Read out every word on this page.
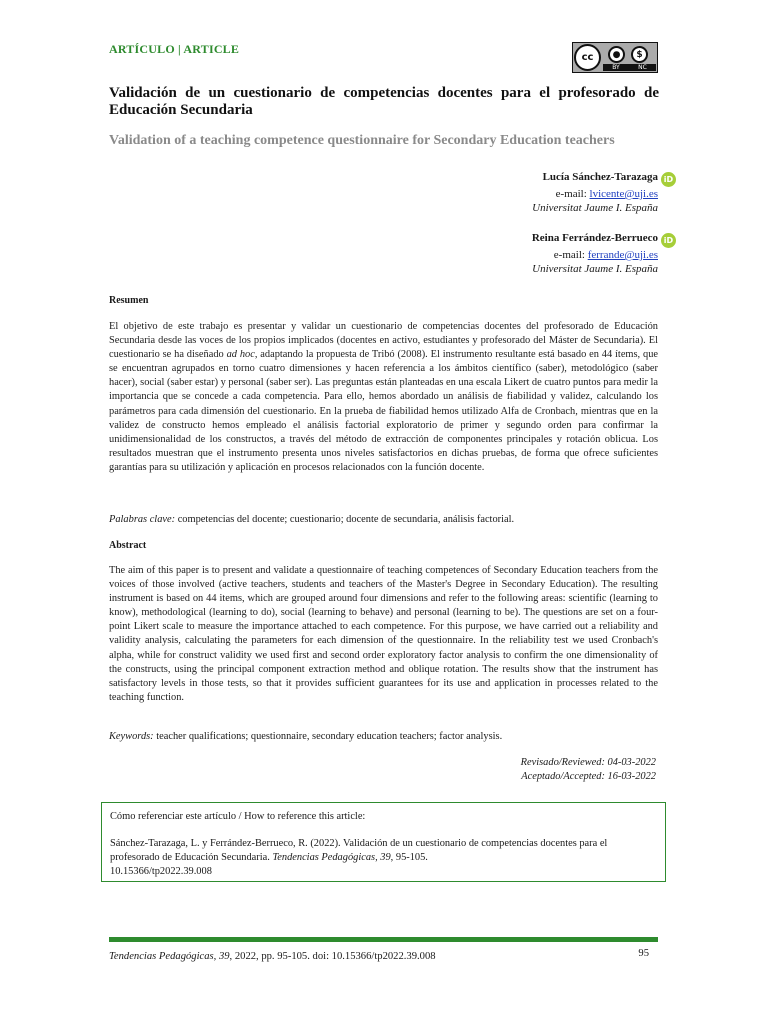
ARTÍCULO | ARTICLE
cc	●	$
BY	NC
Validación de un cuestionario de competencias docentes para el profesorado de Educación Secundaria
Validation of a teaching competence questionnaire for Secondary Education teachers
Lucía Sánchez-Tarazaga iD
e-mail: lvicente@uji.es
Universitat Jaume I. España
Reina Ferrández-Berrueco iD
e-mail: ferrande@uji.es
Universitat Jaume I. España
Resumen
El objetivo de este trabajo es presentar y validar un cuestionario de competencias docentes del profesorado de Educación Secundaria desde las voces de los propios implicados (docentes en activo, estudiantes y profesorado del Máster de Secundaria). El cuestionario se ha diseñado ad hoc, adaptando la propuesta de Tribó (2008). El instrumento resultante está basado en 44 ítems, que se encuentran agrupados en torno cuatro dimensiones y hacen referencia a los ámbitos científico (saber), metodológico (saber hacer), social (saber estar) y personal (saber ser). Las preguntas están planteadas en una escala Likert de cuatro puntos para medir la importancia que se concede a cada competencia. Para ello, hemos abordado un análisis de fiabilidad y validez, calculando los parámetros para cada dimensión del cuestionario. En la prueba de fiabilidad hemos utilizado Alfa de Cronbach, mientras que en la validez de constructo hemos empleado el análisis factorial exploratorio de primer y segundo orden para confirmar la unidimensionalidad de los constructos, a través del método de extracción de componentes principales y rotación oblicua. Los resultados muestran que el instrumento presenta unos niveles satisfactorios en dichas pruebas, de forma que ofrece suficientes garantías para su utilización y aplicación en procesos relacionados con la función docente.
Palabras clave: competencias del docente; cuestionario; docente de secundaria, análisis factorial.
Abstract
The aim of this paper is to present and validate a questionnaire of teaching competences of Secondary Education teachers from the voices of those involved (active teachers, students and teachers of the Master's Degree in Secondary Education). The resulting instrument is based on 44 items, which are grouped around four dimensions and refer to the following areas: scientific (learning to know), methodological (learning to do), social (learning to behave) and personal (learning to be). The questions are set on a four-point Likert scale to measure the importance attached to each competence. For this purpose, we have carried out a reliability and validity analysis, calculating the parameters for each dimension of the questionnaire. In the reliability test we used Cronbach's alpha, while for construct validity we used first and second order exploratory factor analysis to confirm the one dimensionality of the constructs, using the principal component extraction method and oblique rotation. The results show that the instrument has satisfactory levels in those tests, so that it provides sufficient guarantees for its use and application in processes related to the teaching function.
Keywords: teacher qualifications; questionnaire, secondary education teachers; factor analysis.
Revisado/Reviewed: 04-03-2022
Aceptado/Accepted: 16-03-2022
Cómo referenciar este artículo / How to reference this article:
Sánchez-Tarazaga, L. y Ferrández-Berrueco, R. (2022). Validación de un cuestionario de competencias docentes para el profesorado de Educación Secundaria. Tendencias Pedagógicas, 39, 95-105.
10.15366/tp2022.39.008
Tendencias Pedagógicas, 39, 2022, pp. 95-105. doi: 10.15366/tp2022.39.008	95
